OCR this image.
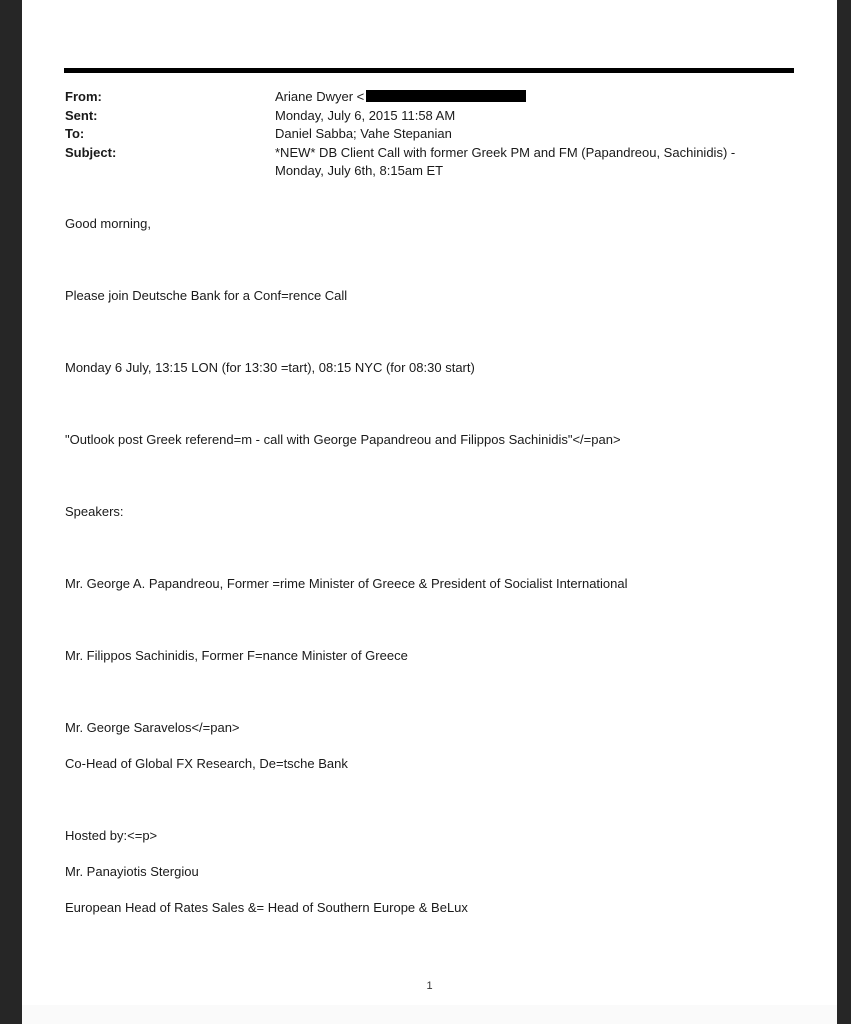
From:	Ariane Dwyer <
Sent:	Monday, July 6, 2015 11:58 AM
To:	Daniel Sabba; Vahe Stepanian
Subject:	*NEW* DB Client Call with former Greek PM and FM (Papandreou, Sachinidis) -
Monday, July 6th, 8:15am ET

Good morning,

Please join Deutsche Bank for a Conf=rence Call

Monday 6 July, 13:15 LON (for 13:30 =tart), 08:15 NYC (for 08:30 start)

"Outlook post Greek referend=m - call with George Papandreou and Filippos Sachinidis"</=pan>

Speakers:

Mr. George A. Papandreou, Former =rime Minister of Greece & President of Socialist International

Mr. Filippos Sachinidis, Former F=nance Minister of Greece

Mr. George Saravelos</=pan>

Co-Head of Global FX Research, De=tsche Bank

Hosted by:<=p>

Mr. Panayiotis Stergiou

European Head of Rates Sales &= Head of Southern Europe & BeLux

1
